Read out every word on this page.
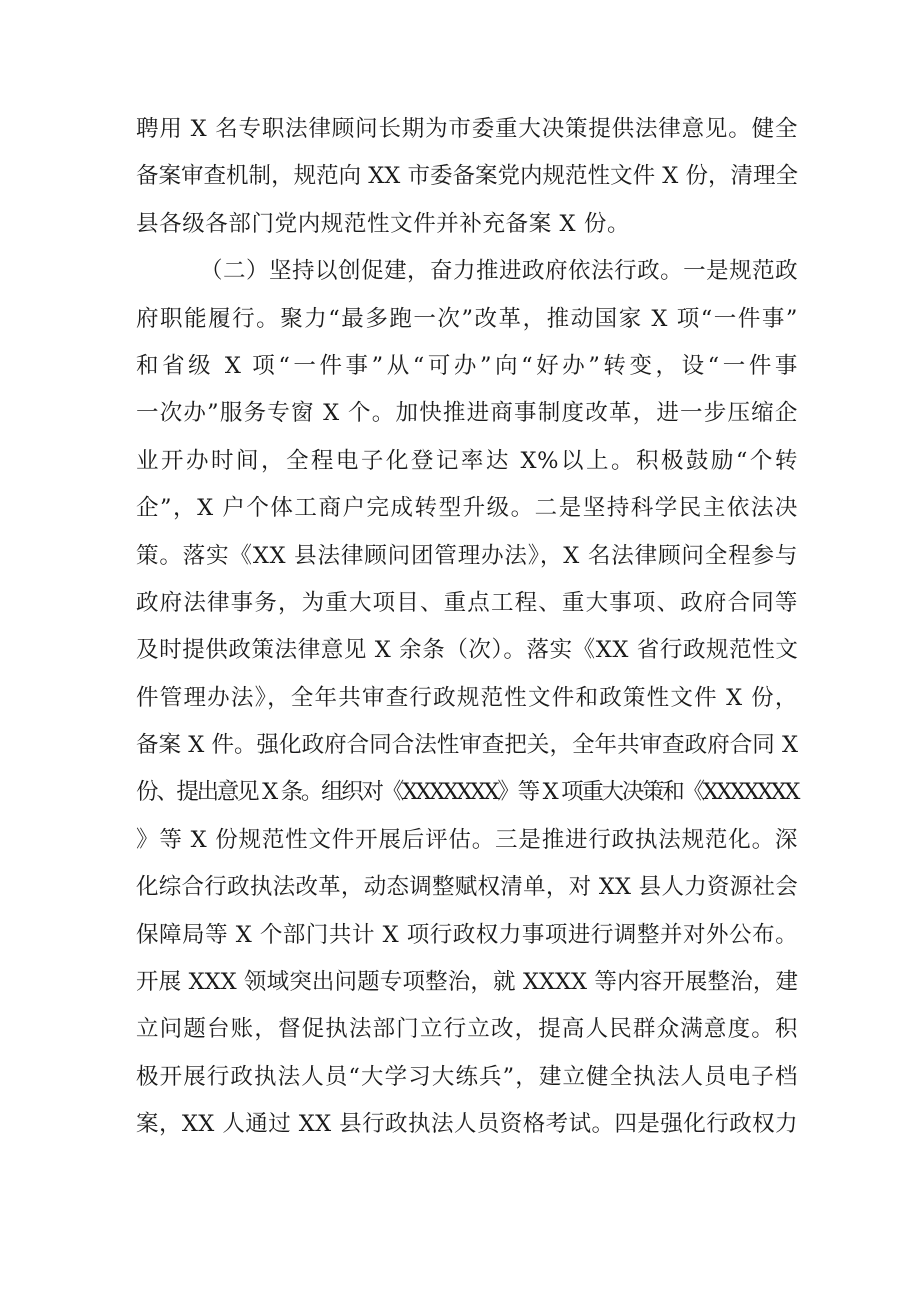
聘用 X 名专职法律顾问长期为市委重大决策提供法律意见。健全
备案审查机制，规范向 XX 市委备案党内规范性文件 X 份，清理全
县各级各部门党内规范性文件并补充备案 X 份。
（二）坚持以创促建，奋力推进政府依法行政。一是规范政
府职能履行。聚力“最多跑一次”改革，推动国家 X 项“一件事”
和省级 X 项“一件事”从“可办”向“好办”转变，设“一件事
一次办”服务专窗 X 个。加快推进商事制度改革，进一步压缩企
业开办时间，全程电子化登记率达 X%以上。积极鼓励“个转
企”，X 户个体工商户完成转型升级。二是坚持科学民主依法决
策。落实《XX 县法律顾问团管理办法》，X 名法律顾问全程参与
政府法律事务，为重大项目、重点工程、重大事项、政府合同等
及时提供政策法律意见 X 余条（次）。落实《XX 省行政规范性文
件管理办法》，全年共审查行政规范性文件和政策性文件 X 份，
备案 X 件。强化政府合同合法性审查把关，全年共审查政府合同 X
份、提出意见 X 条。组织对《XXXXXXX》等 X 项重大决策和《XXXXXXX
》等 X 份规范性文件开展后评估。三是推进行政执法规范化。深
化综合行政执法改革，动态调整赋权清单，对 XX 县人力资源社会
保障局等 X 个部门共计 X 项行政权力事项进行调整并对外公布。
开展 XXX 领域突出问题专项整治，就 XXXX 等内容开展整治，建
立问题台账，督促执法部门立行立改，提高人民群众满意度。积
极开展行政执法人员“大学习大练兵”，建立健全执法人员电子档
案，XX 人通过 XX 县行政执法人员资格考试。四是强化行政权力
